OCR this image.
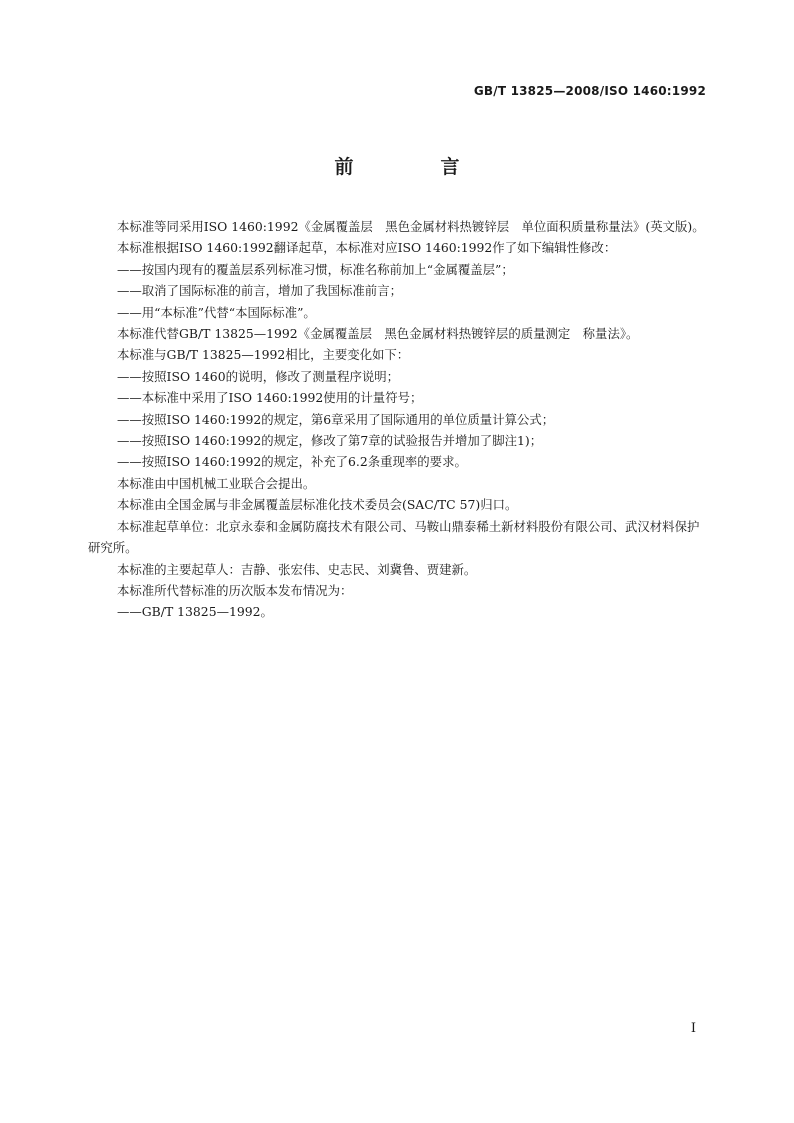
GB/T 13825—2008/ISO 1460:1992
前　言

本标准等同采用ISO 1460:1992《金属覆盖层　黑色金属材料热镀锌层　单位面积质量称量法》(英文版)。

本标准根据ISO 1460:1992翻译起草，本标准对应ISO 1460:1992作了如下编辑性修改：

——按国内现有的覆盖层系列标准习惯，标准名称前加上“金属覆盖层”；

——取消了国际标准的前言，增加了我国标准前言；

——用“本标准”代替“本国际标准”。

本标准代替GB/T 13825—1992《金属覆盖层　黑色金属材料热镀锌层的质量测定　称量法》。

本标准与GB/T 13825—1992相比，主要变化如下：

——按照ISO 1460的说明，修改了测量程序说明；

——本标准中采用了ISO 1460:1992使用的计量符号；

——按照ISO 1460:1992的规定，第6章采用了国际通用的单位质量计算公式；

——按照ISO 1460:1992的规定，修改了第7章的试验报告并增加了脚注1)；

——按照ISO 1460:1992的规定，补充了6.2条重现率的要求。

本标准由中国机械工业联合会提出。

本标准由全国金属与非金属覆盖层标准化技术委员会(SAC/TC 57)归口。

本标准起草单位：北京永泰和金属防腐技术有限公司、马鞍山鼎泰稀土新材料股份有限公司、武汉材料保护研究所。

本标准的主要起草人：吉静、张宏伟、史志民、刘冀鲁、贾建新。

本标准所代替标准的历次版本发布情况为：

——GB/T 13825—1992。

I
